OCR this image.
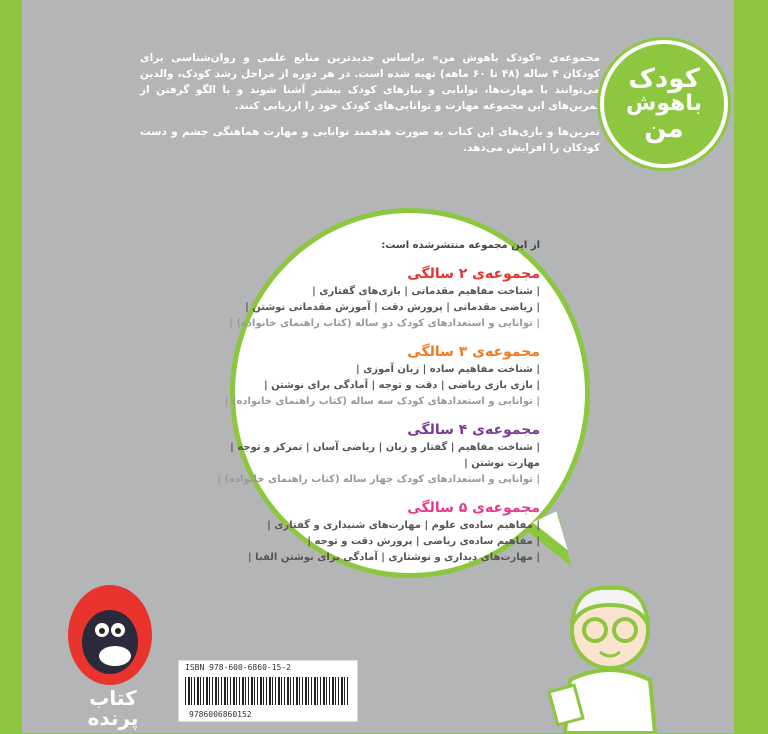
مجموعه‌ی «کودک باهوش من» براساس جدیدترین منابع علمی و روان‌شناسی برای کودکان ۴ ساله (۴۸ تا ۶۰ ماهه) تهیه شده است. در هر دوره از مراحل رشد کودک، والدین می‌توانند با مهارت‌ها، توانایی و نیازهای کودک بیشتر آشنا شوند و با الگو گرفتن از تمرین‌های این مجموعه مهارت و توانایی‌های کودک خود را ارزیابی کنند.

تمرین‌ها و بازی‌های این کتاب به صورت هدفمند توانایی و مهارت هماهنگی چشم و دست کودکان را افزایش می‌دهد.

کودک
باهوش
من
از این مجموعه منتشرشده است:
مجموعه‌ی ۲ سالگی
| شناخت مفاهیم مقدماتی | بازی‌های گفتاری |
| ریاضی مقدماتی | پرورش دقت | آموزش مقدماتی نوشتن |
| توانایی و استعدادهای کودک دو ساله (کتاب راهنمای خانواده) |
مجموعه‌ی ۳ سالگی
| شناخت مفاهیم ساده | زبان آموزی |
| بازی بازی ریاضی | دقت و توجه | آمادگی برای نوشتن |
| توانایی و استعدادهای کودک سه ساله (کتاب راهنمای خانواده) |
مجموعه‌ی ۴ سالگی
| شناخت مفاهیم | گفتار و زبان | ریاضی آسان | تمرکز و توجه | مهارت نوشتن |
| توانایی و استعدادهای کودک چهار ساله (کتاب راهنمای خانواده) |
مجموعه‌ی ۵ سالگی
| مفاهیم ساده‌ی علوم | مهارت‌های شنیداری و گفتاری |
| مفاهیم ساده‌ی ریاضی | پرورش دقت و توجه |
| مهارت‌های دیداری و نوشتاری | آمادگی برای نوشتن الفبا |
کتاب
پرنده
ISBN 978-600-6860-15-2
9786006860152
